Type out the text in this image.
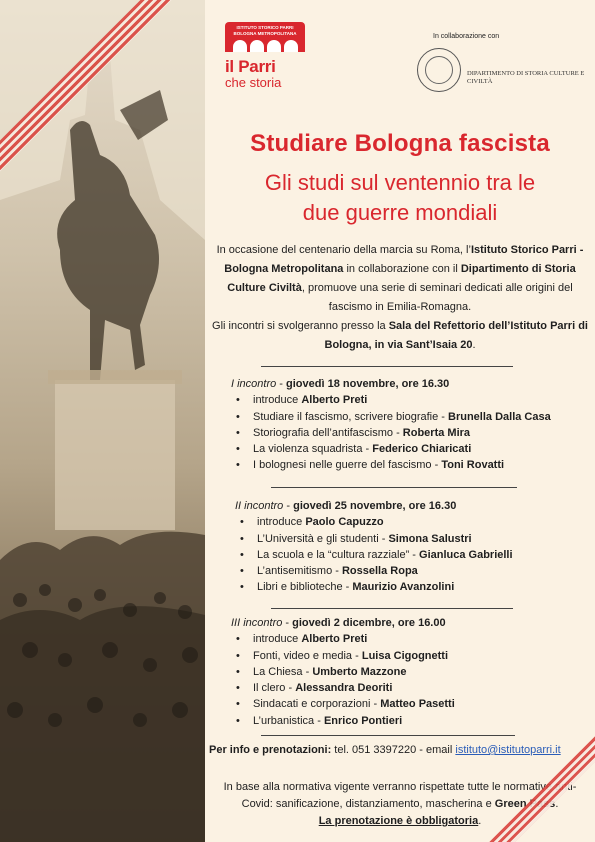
ISTITUTO STORICO PARRI BOLOGNA METROPOLITANA
il Parri
che storia
In collaborazione con
DIPARTIMENTO DI STORIA CULTURE E CIVILTÀ
Studiare Bologna fascista
Gli studi sul ventennio tra le
due guerre mondiali

In occasione del centenario della marcia su Roma, l’Istituto Storico Parri - Bologna Metropolitana in collaborazione con il Dipartimento di Storia Culture Civiltà, promuove una serie di seminari dedicati alle origini del fascismo in Emilia-Romagna.

Gli incontri si svolgeranno presso la Sala del Refettorio dell’Istituto Parri di Bologna, in via Sant’Isaia 20.

I incontro - giovedì 18 novembre, ore 16.30
• introduce Alberto Preti
• Studiare il fascismo, scrivere biografie - Brunella Dalla Casa
• Storiografia dell’antifascismo - Roberta Mira
• La violenza squadrista - Federico Chiaricati
• I bolognesi nelle guerre del fascismo - Toni Rovatti
II incontro - giovedì 25 novembre, ore 16.30
• introduce Paolo Capuzzo
• L’Università e gli studenti - Simona Salustri
• La scuola e la “cultura razziale” - Gianluca Gabrielli
• L’antisemitismo - Rossella Ropa
• Libri e biblioteche - Maurizio Avanzolini
III incontro - giovedì 2 dicembre, ore 16.00
• introduce Alberto Preti
• Fonti, video e media - Luisa Cigognetti
• La Chiesa - Umberto Mazzone
• Il clero - Alessandra Deoriti
• Sindacati e corporazioni - Matteo Pasetti
• L’urbanistica - Enrico Pontieri
Per info e prenotazioni: tel. 051 3397220 - email istituto@istitutoparri.it
In base alla normativa vigente verranno rispettate tutte le normative anti-Covid: sanificazione, distanziamento, mascherina e Green Pass.
La prenotazione è obbligatoria.
